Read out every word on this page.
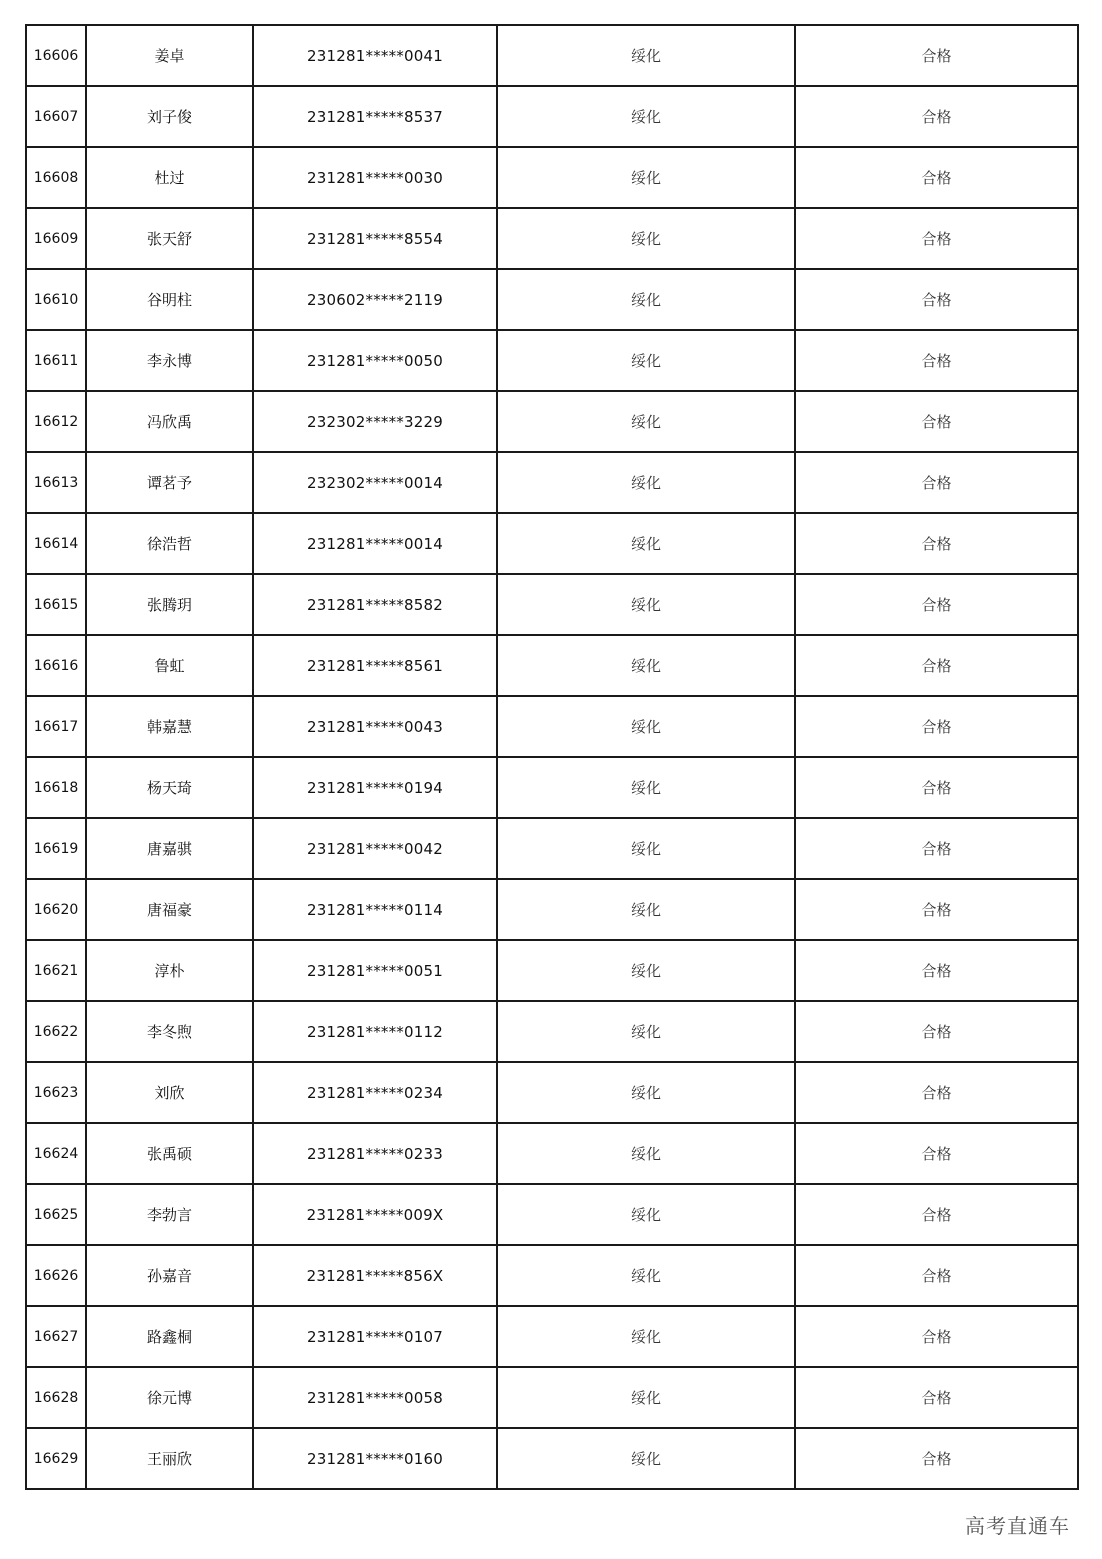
16606	姜卓	231281*****0041	绥化	合格
16607	刘子俊	231281*****8537	绥化	合格
16608	杜过	231281*****0030	绥化	合格
16609	张天舒	231281*****8554	绥化	合格
16610	谷明柱	230602*****2119	绥化	合格
16611	李永博	231281*****0050	绥化	合格
16612	冯欣禹	232302*****3229	绥化	合格
16613	谭茗予	232302*****0014	绥化	合格
16614	徐浩哲	231281*****0014	绥化	合格
16615	张腾玥	231281*****8582	绥化	合格
16616	鲁虹	231281*****8561	绥化	合格
16617	韩嘉慧	231281*****0043	绥化	合格
16618	杨天琦	231281*****0194	绥化	合格
16619	唐嘉骐	231281*****0042	绥化	合格
16620	唐福豪	231281*****0114	绥化	合格
16621	淳朴	231281*****0051	绥化	合格
16622	李冬煦	231281*****0112	绥化	合格
16623	刘欣	231281*****0234	绥化	合格
16624	张禹硕	231281*****0233	绥化	合格
16625	李勃言	231281*****009X	绥化	合格
16626	孙嘉音	231281*****856X	绥化	合格
16627	路鑫桐	231281*****0107	绥化	合格
16628	徐元博	231281*****0058	绥化	合格
16629	王丽欣	231281*****0160	绥化	合格
高考直通车
